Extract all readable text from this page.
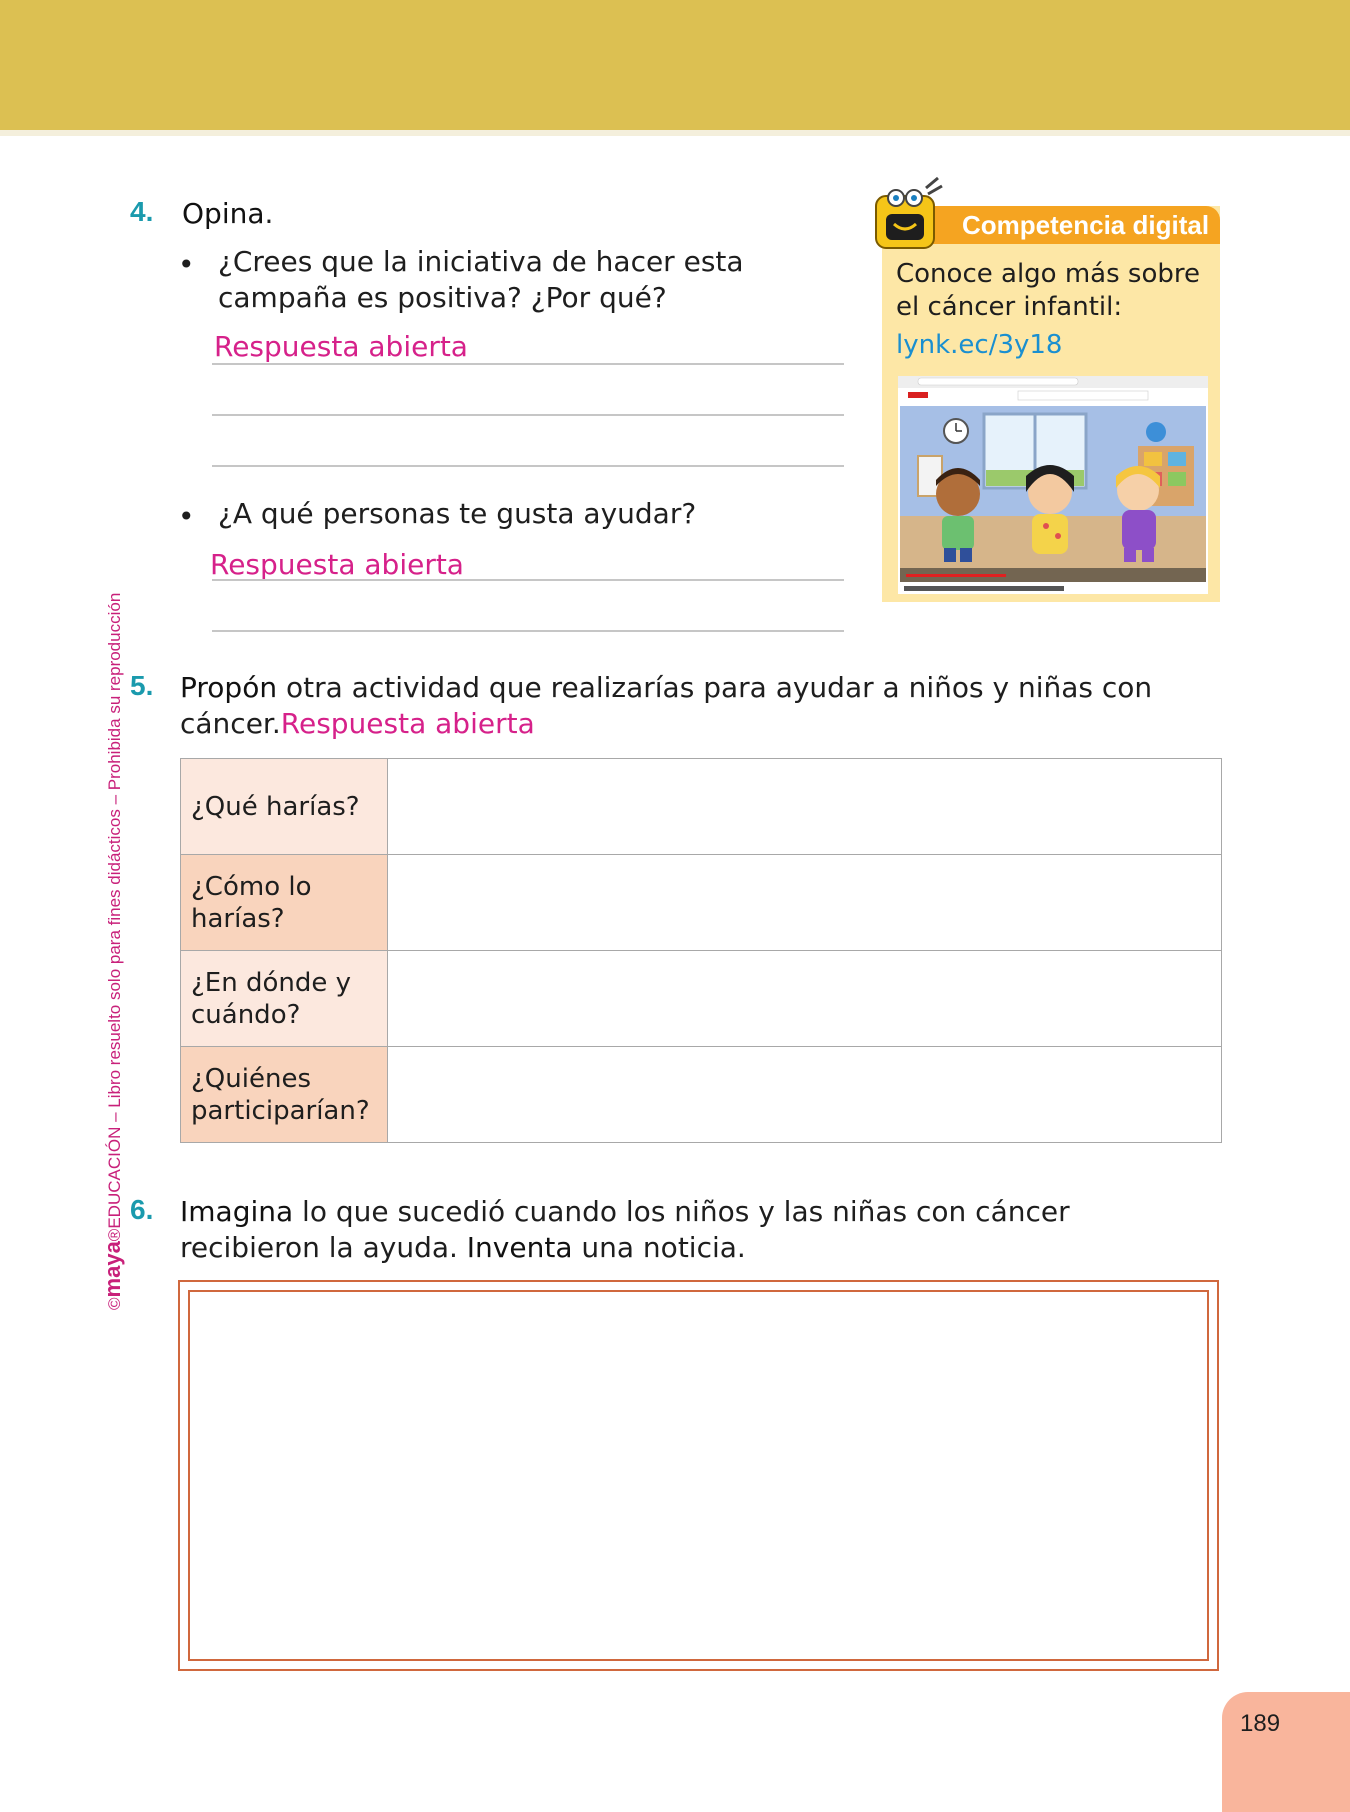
©maya®EDUCACIÓN – Libro resuelto solo para fines didácticos – Prohibida su reproducción
4. Opina.
• ¿Crees que la iniciativa de hacer esta
campaña es positiva? ¿Por qué?
Respuesta abierta
• ¿A qué personas te gusta ayudar?
Respuesta abierta
Competencia digital
Conoce algo más sobre el cáncer infantil:
lynk.ec/3y18
5. Propón otra actividad que realizarías para ayudar a niños y niñas con
cáncer.Respuesta abierta
¿Qué harías?	
¿Cómo lo harías?	
¿En dónde y cuándo?	
¿Quiénes participarían?	
6. Imagina lo que sucedió cuando los niños y las niñas con cáncer
recibieron la ayuda. Inventa una noticia.
189
